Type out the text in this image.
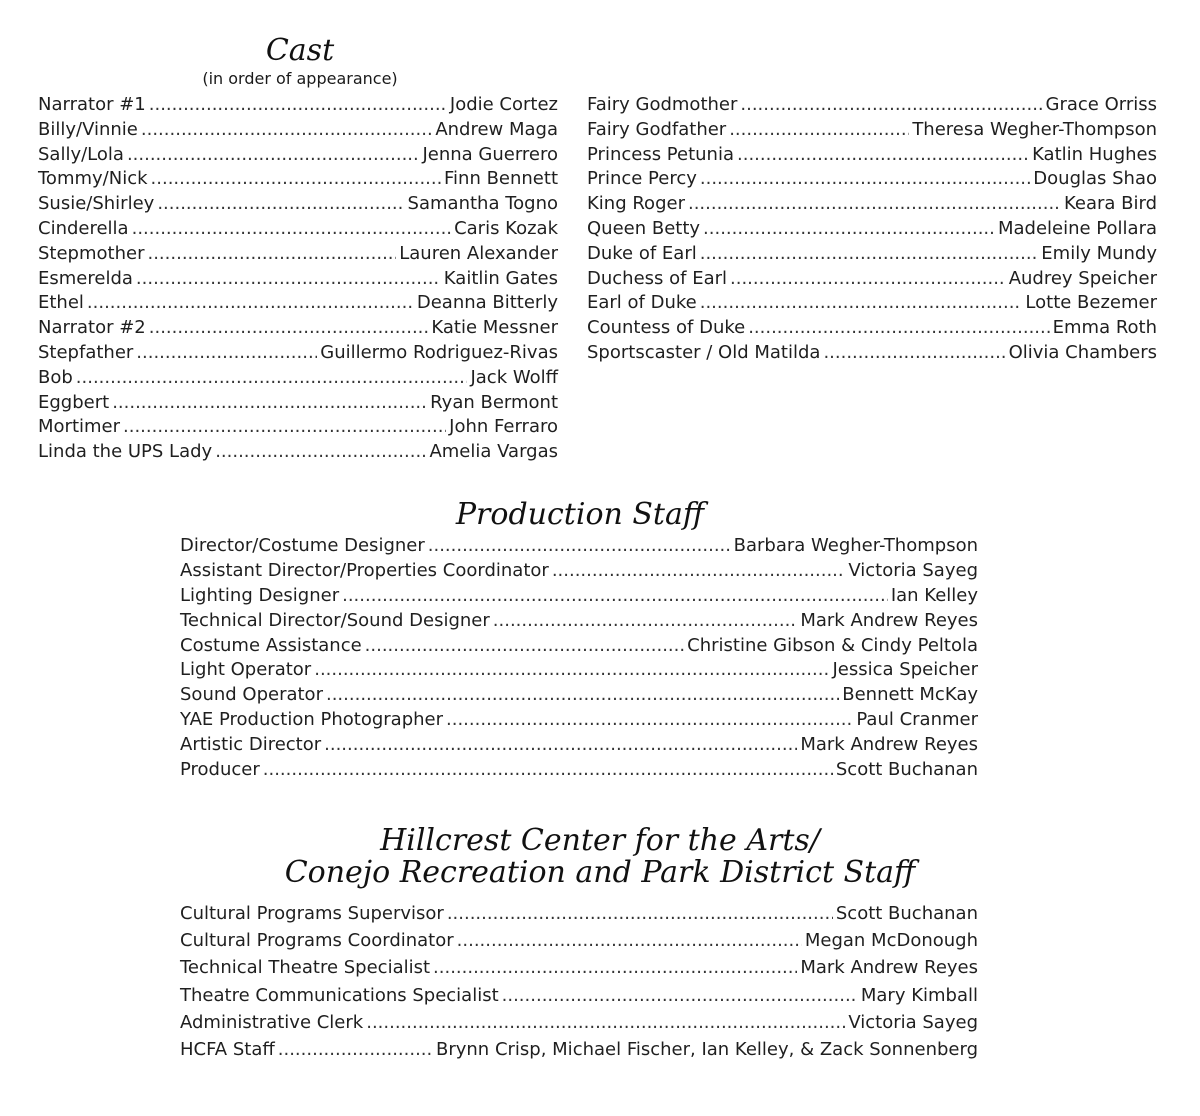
Cast
(in order of appearance)
Narrator #1 .....	Jodie Cortez
Billy/Vinnie .....	Andrew Maga
Sally/Lola .....	Jenna Guerrero
Tommy/Nick .....	Finn Bennett
Susie/Shirley .....	Samantha Togno
Cinderella .....	Caris Kozak
Stepmother .....	Lauren Alexander
Esmerelda .....	Kaitlin Gates
Ethel .....	Deanna Bitterly
Narrator #2 .....	Katie Messner
Stepfather .....	Guillermo Rodriguez-Rivas
Bob .....	Jack Wolff
Eggbert .....	Ryan Bermont
Mortimer .....	John Ferraro
Linda the UPS Lady .....	Amelia Vargas
Fairy Godmother .....	Grace Orriss
Fairy Godfather .....	Theresa Wegher-Thompson
Princess Petunia .....	Katlin Hughes
Prince Percy .....	Douglas Shao
King Roger .....	Keara Bird
Queen Betty .....	Madeleine Pollara
Duke of Earl .....	Emily Mundy
Duchess of Earl .....	Audrey Speicher
Earl of Duke .....	Lotte Bezemer
Countess of Duke .....	Emma Roth
Sportscaster / Old Matilda .....	Olivia Chambers
Production Staff
Director/Costume Designer .....	Barbara Wegher-Thompson
Assistant Director/Properties Coordinator .....	Victoria Sayeg
Lighting Designer .....	Ian Kelley
Technical Director/Sound Designer .....	Mark Andrew Reyes
Costume Assistance .....	Christine Gibson & Cindy Peltola
Light Operator .....	Jessica Speicher
Sound Operator .....	Bennett McKay
YAE Production Photographer .....	Paul Cranmer
Artistic Director .....	Mark Andrew Reyes
Producer .....	Scott Buchanan
Hillcrest Center for the Arts/
Conejo Recreation and Park District Staff
Cultural Programs Supervisor .....	Scott Buchanan
Cultural Programs Coordinator .....	Megan McDonough
Technical Theatre Specialist .....	Mark Andrew Reyes
Theatre Communications Specialist .....	Mary Kimball
Administrative Clerk .....	Victoria Sayeg
HCFA Staff .....	Brynn Crisp, Michael Fischer, Ian Kelley, & Zack Sonnenberg
